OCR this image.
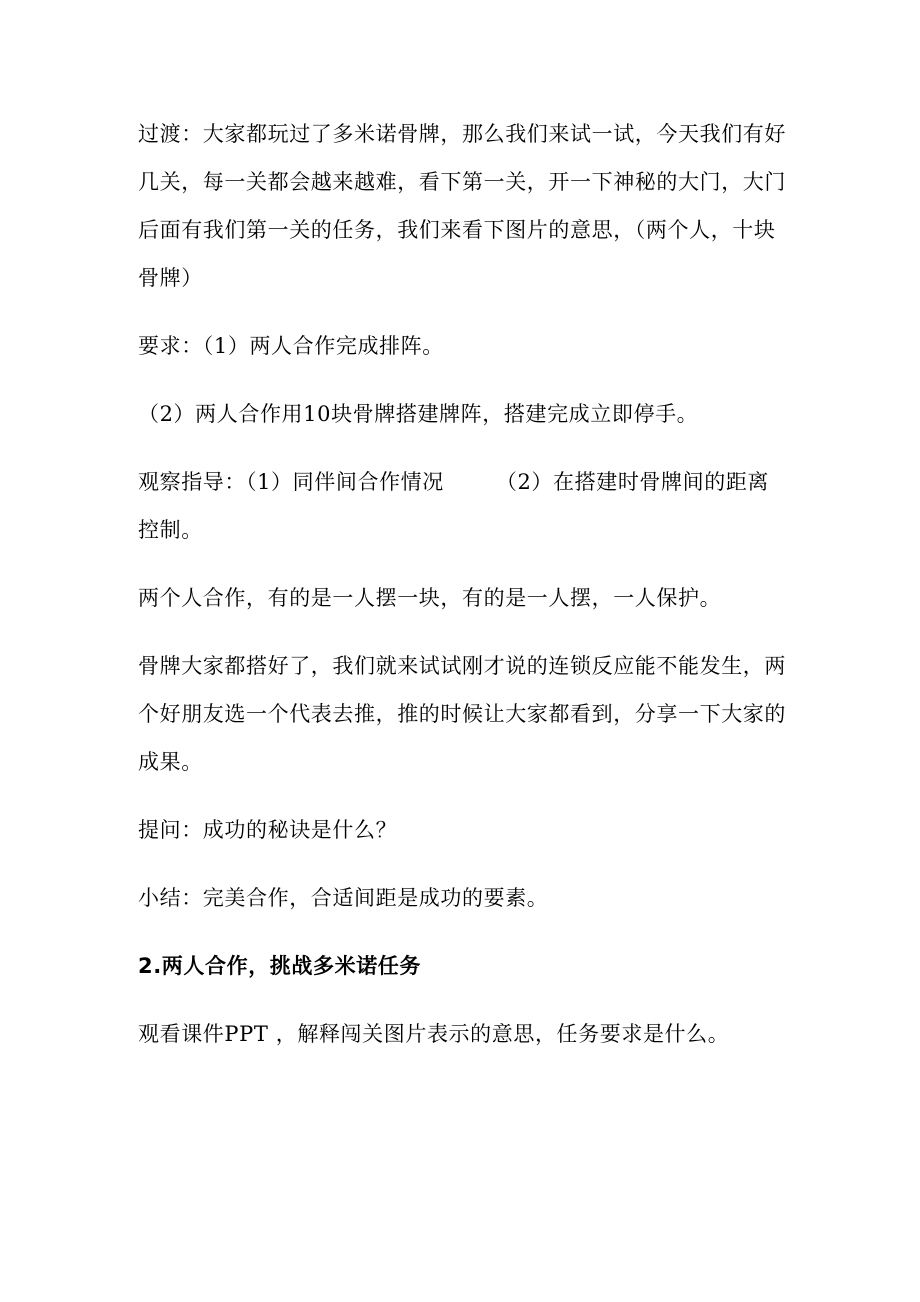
过渡：大家都玩过了多米诺骨牌，那么我们来试一试，今天我们有好几关，每一关都会越来越难，看下第一关，开一下神秘的大门，大门后面有我们第一关的任务，我们来看下图片的意思，（两个人，十块骨牌）

要求：（1）两人合作完成排阵。

（2）两人合作用10块骨牌搭建牌阵，搭建完成立即停手。

观察指导：（1）同伴间合作情况 （2）在搭建时骨牌间的距离控制。

两个人合作，有的是一人摆一块，有的是一人摆，一人保护。

骨牌大家都搭好了，我们就来试试刚才说的连锁反应能不能发生，两个好朋友选一个代表去推，推的时候让大家都看到，分享一下大家的成果。

提问：成功的秘诀是什么？

小结：完美合作，合适间距是成功的要素。

2.两人合作，挑战多米诺任务

观看课件PPT ，解释闯关图片表示的意思，任务要求是什么。
